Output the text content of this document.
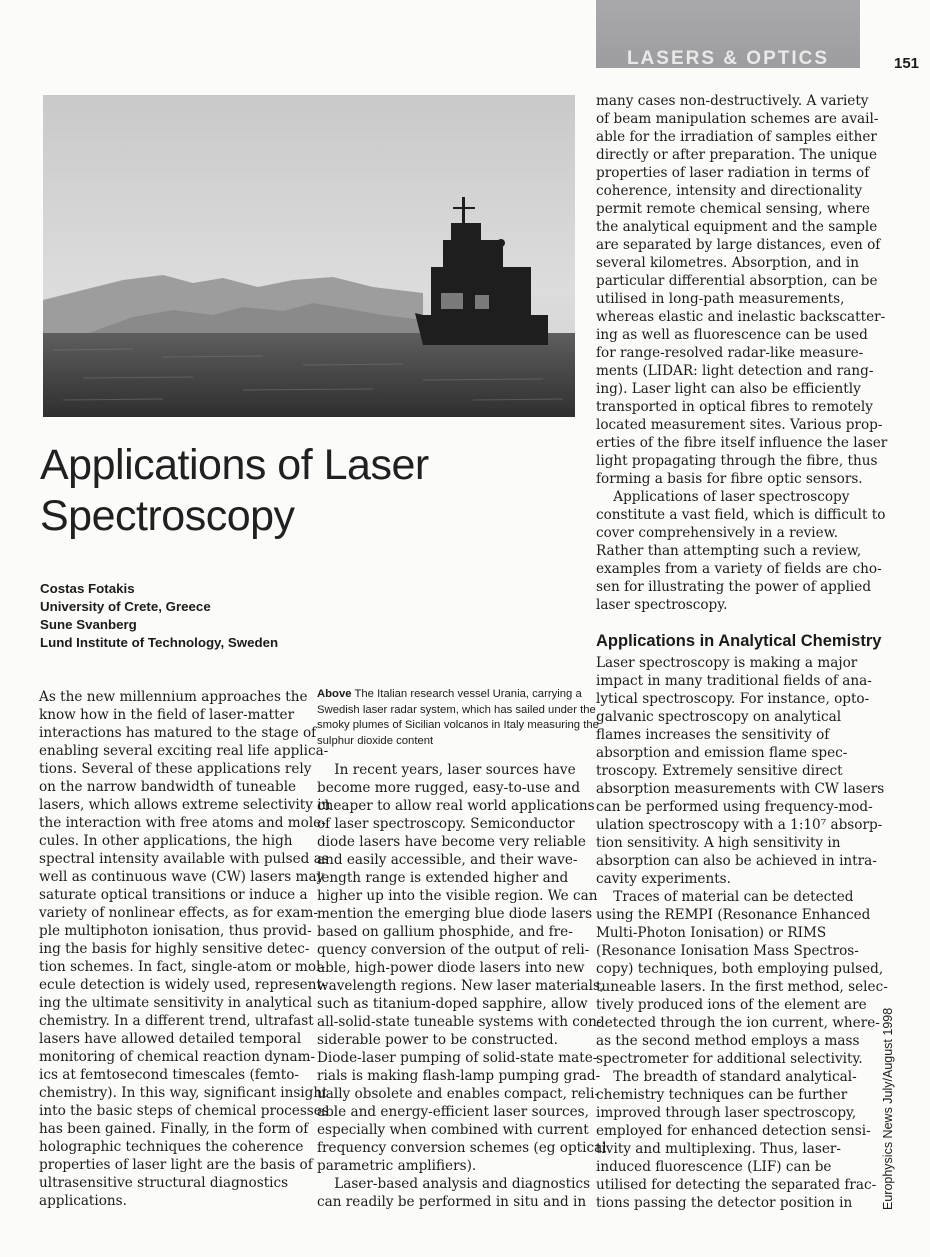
LASERS & OPTICS	151
Applications of Laser
Spectroscopy
Costas Fotakis
University of Crete, Greece
Sune Svanberg
Lund Institute of Technology, Sweden
As the new millennium approaches the
know how in the field of laser-matter
interactions has matured to the stage of
enabling several exciting real life applica-
tions. Several of these applications rely
on the narrow bandwidth of tuneable
lasers, which allows extreme selectivity in
the interaction with free atoms and mole-
cules. In other applications, the high
spectral intensity available with pulsed as
well as continuous wave (CW) lasers may
saturate optical transitions or induce a
variety of nonlinear effects, as for exam-
ple multiphoton ionisation, thus provid-
ing the basis for highly sensitive detec-
tion schemes. In fact, single-atom or mol-
ecule detection is widely used, represent-
ing the ultimate sensitivity in analytical
chemistry. In a different trend, ultrafast
lasers have allowed detailed temporal
monitoring of chemical reaction dynam-
ics at femtosecond timescales (femto-
chemistry). In this way, significant insight
into the basic steps of chemical processes
has been gained. Finally, in the form of
holographic techniques the coherence
properties of laser light are the basis of
ultrasensitive structural diagnostics
applications.
Above The Italian research vessel Urania, carrying a
Swedish laser radar system, which has sailed under the
smoky plumes of Sicilian volcanos in Italy measuring the
sulphur dioxide content
In recent years, laser sources have
become more rugged, easy-to-use and
cheaper to allow real world applications
of laser spectroscopy. Semiconductor
diode lasers have become very reliable
and easily accessible, and their wave-
length range is extended higher and
higher up into the visible region. We can
mention the emerging blue diode lasers
based on gallium phosphide, and fre-
quency conversion of the output of reli-
able, high-power diode lasers into new
wavelength regions. New laser materials,
such as titanium-doped sapphire, allow
all-solid-state tuneable systems with con-
siderable power to be constructed.
Diode-laser pumping of solid-state mate-
rials is making flash-lamp pumping grad-
ually obsolete and enables compact, reli-
able and energy-efficient laser sources,
especially when combined with current
frequency conversion schemes (eg optical
parametric amplifiers).
Laser-based analysis and diagnostics
can readily be performed in situ and in
many cases non-destructively. A variety
of beam manipulation schemes are avail-
able for the irradiation of samples either
directly or after preparation. The unique
properties of laser radiation in terms of
coherence, intensity and directionality
permit remote chemical sensing, where
the analytical equipment and the sample
are separated by large distances, even of
several kilometres. Absorption, and in
particular differential absorption, can be
utilised in long-path measurements,
whereas elastic and inelastic backscatter-
ing as well as fluorescence can be used
for range-resolved radar-like measure-
ments (LIDAR: light detection and rang-
ing). Laser light can also be efficiently
transported in optical fibres to remotely
located measurement sites. Various prop-
erties of the fibre itself influence the laser
light propagating through the fibre, thus
forming a basis for fibre optic sensors.
Applications of laser spectroscopy
constitute a vast field, which is difficult to
cover comprehensively in a review.
Rather than attempting such a review,
examples from a variety of fields are cho-
sen for illustrating the power of applied
laser spectroscopy.
Applications in Analytical Chemistry
Laser spectroscopy is making a major
impact in many traditional fields of ana-
lytical spectroscopy. For instance, opto-
galvanic spectroscopy on analytical
flames increases the sensitivity of
absorption and emission flame spec-
troscopy. Extremely sensitive direct
absorption measurements with CW lasers
can be performed using frequency-mod-
ulation spectroscopy with a 1:10⁷ absorp-
tion sensitivity. A high sensitivity in
absorption can also be achieved in intra-
cavity experiments.
Traces of material can be detected
using the REMPI (Resonance Enhanced
Multi-Photon Ionisation) or RIMS
(Resonance Ionisation Mass Spectros-
copy) techniques, both employing pulsed,
tuneable lasers. In the first method, selec-
tively produced ions of the element are
detected through the ion current, where-
as the second method employs a mass
spectrometer for additional selectivity.
The breadth of standard analytical-
chemistry techniques can be further
improved through laser spectroscopy,
employed for enhanced detection sensi-
tivity and multiplexing. Thus, laser-
induced fluorescence (LIF) can be
utilised for detecting the separated frac-
tions passing the detector position in	Europhysics News July/August 1998
